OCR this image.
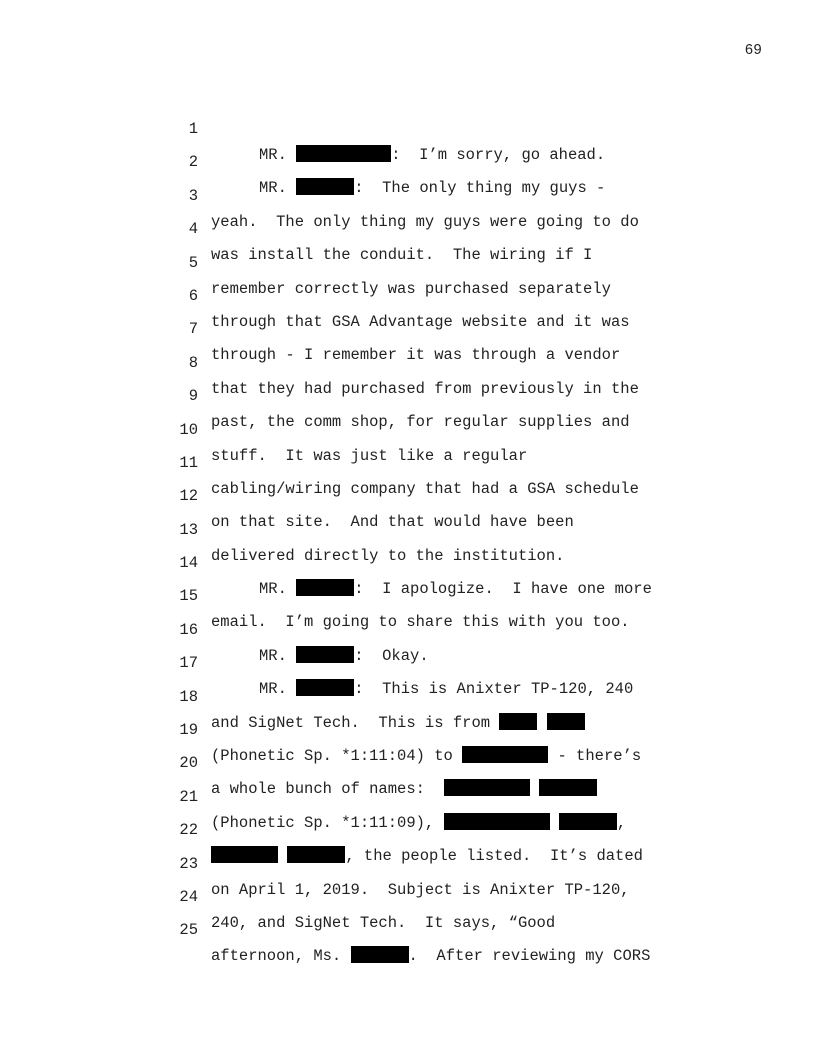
69

1

MR.	:  I’m sorry, go ahead.

2

MR.	:  The only thing my guys -

3

yeah.  The only thing my guys were going to do

4

was install the conduit.  The wiring if I

5

remember correctly was purchased separately

6

through that GSA Advantage website and it was

7

through - I remember it was through a vendor

8

that they had purchased from previously in the

9

past, the comm shop, for regular supplies and

10

stuff.  It was just like a regular

11

cabling/wiring company that had a GSA schedule

12

on that site.  And that would have been

13

delivered directly to the institution.

14

MR.	:  I apologize.  I have one more

15

email.  I’m going to share this with you too.

16

MR.	:  Okay.

17

MR.	:  This is Anixter TP-120, 240

18

and SigNet Tech.  This is from

19

(Phonetic Sp. *1:11:04) to	- there’s

20

a whole bunch of names:

21

(Phonetic Sp. *1:11:09),	,

22

, the people listed.  It’s dated

23

on April 1, 2019.  Subject is Anixter TP-120,

24

240, and SigNet Tech.  It says, “Good

25

afternoon, Ms.	.  After reviewing my CORS
